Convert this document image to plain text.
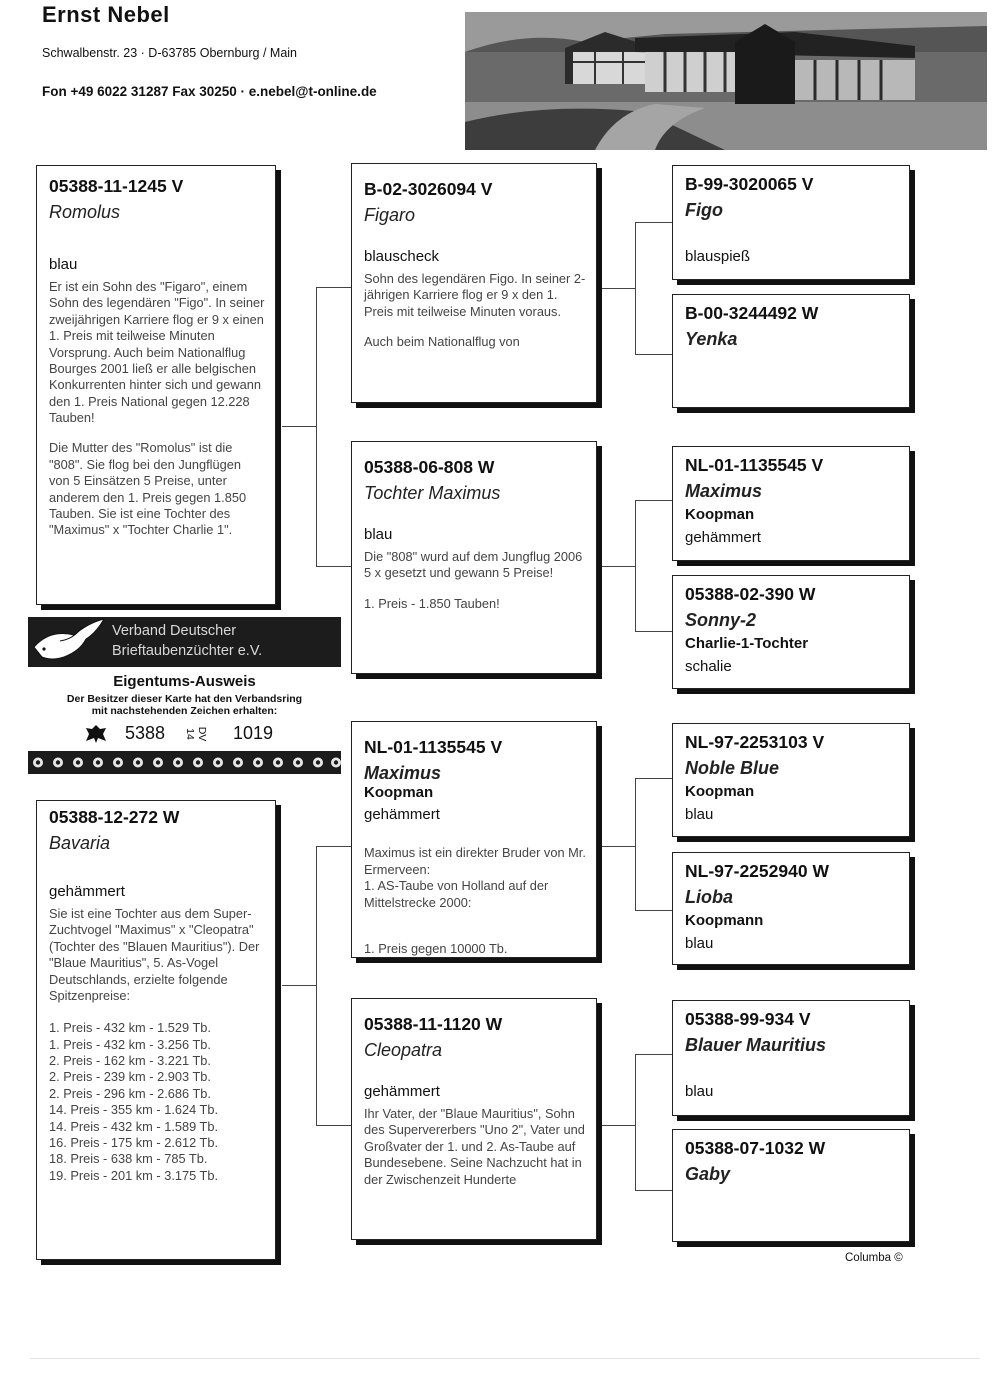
Ernst Nebel
Schwalbenstr. 23 · D-63785 Obernburg / Main
Fon +49 6022 31287 Fax 30250 · e.nebel@t-online.de
05388-11-1245 V
Romolus
blau

Er ist ein Sohn des "Figaro", einem Sohn des legendären "Figo". In seiner zweijährigen Karriere flog er 9 x einen 1. Preis mit teilweise Minuten Vorsprung. Auch beim Nationalflug Bourges 2001 ließ er alle belgischen Konkurrenten hinter sich und gewann den 1. Preis National gegen 12.228 Tauben!

Die Mutter des "Romolus" ist die "808". Sie flog bei den Jungflügen von 5 Einsätzen 5 Preise, unter anderem den 1. Preis gegen 1.850 Tauben. Sie ist eine Tochter des "Maximus" x "Tochter Charlie 1".

Verband Deutscher
Brieftaubenzüchter e.V.
Eigentums-Ausweis
Der Besitzer dieser Karte hat den Verbandsring
mit nachstehenden Zeichen erhalten:
5388	DV
14 1019
05388-12-272 W
Bavaria
gehämmert

Sie ist eine Tochter aus dem Super-Zuchtvogel "Maximus" x "Cleopatra" (Tochter des "Blauen Mauritius"). Der "Blaue Mauritius", 5. As-Vogel Deutschlands, erzielte folgende Spitzenpreise:

1. Preis - 432 km - 1.529 Tb.
1. Preis - 432 km - 3.256 Tb.
2. Preis - 162 km - 3.221 Tb.
2. Preis - 239 km - 2.903 Tb.
2. Preis - 296 km - 2.686 Tb.
14. Preis - 355 km - 1.624 Tb.
14. Preis - 432 km - 1.589 Tb.
16. Preis - 175 km - 2.612 Tb.
18. Preis - 638 km - 785 Tb.
19. Preis - 201 km - 3.175 Tb.
B-02-3026094 V
Figaro
blauscheck

Sohn des legendären Figo. In seiner 2-jährigen Karriere flog er 9 x den 1. Preis mit teilweise Minuten voraus.

Auch beim Nationalflug von

05388-06-808 W
Tochter Maximus
blau

Die "808" wurd auf dem Jungflug 2006 5 x gesetzt und gewann 5 Preise!

1. Preis - 1.850 Tauben!

NL-01-1135545 V
Maximus
Koopman
gehämmert

Maximus ist ein direkter Bruder von Mr. Ermerveen:
1. AS-Taube von Holland auf der Mittelstrecke 2000:

1. Preis gegen 10000 Tb.

05388-11-1120 W
Cleopatra
gehämmert

Ihr Vater, der "Blaue Mauritius", Sohn des Supervererbers "Uno 2", Vater und Großvater der 1. und 2. As-Taube auf Bundesebene. Seine Nachzucht hat in der Zwischenzeit Hunderte

B-99-3020065 V
Figo
blauspieß
B-00-3244492 W
Yenka
NL-01-1135545 V
Maximus
Koopman
gehämmert
05388-02-390 W
Sonny-2
Charlie-1-Tochter
schalie
NL-97-2253103 V
Noble Blue
Koopman
blau
NL-97-2252940 W
Lioba
Koopmann
blau
05388-99-934 V
Blauer Mauritius
blau
05388-07-1032 W
Gaby
Columba ©
